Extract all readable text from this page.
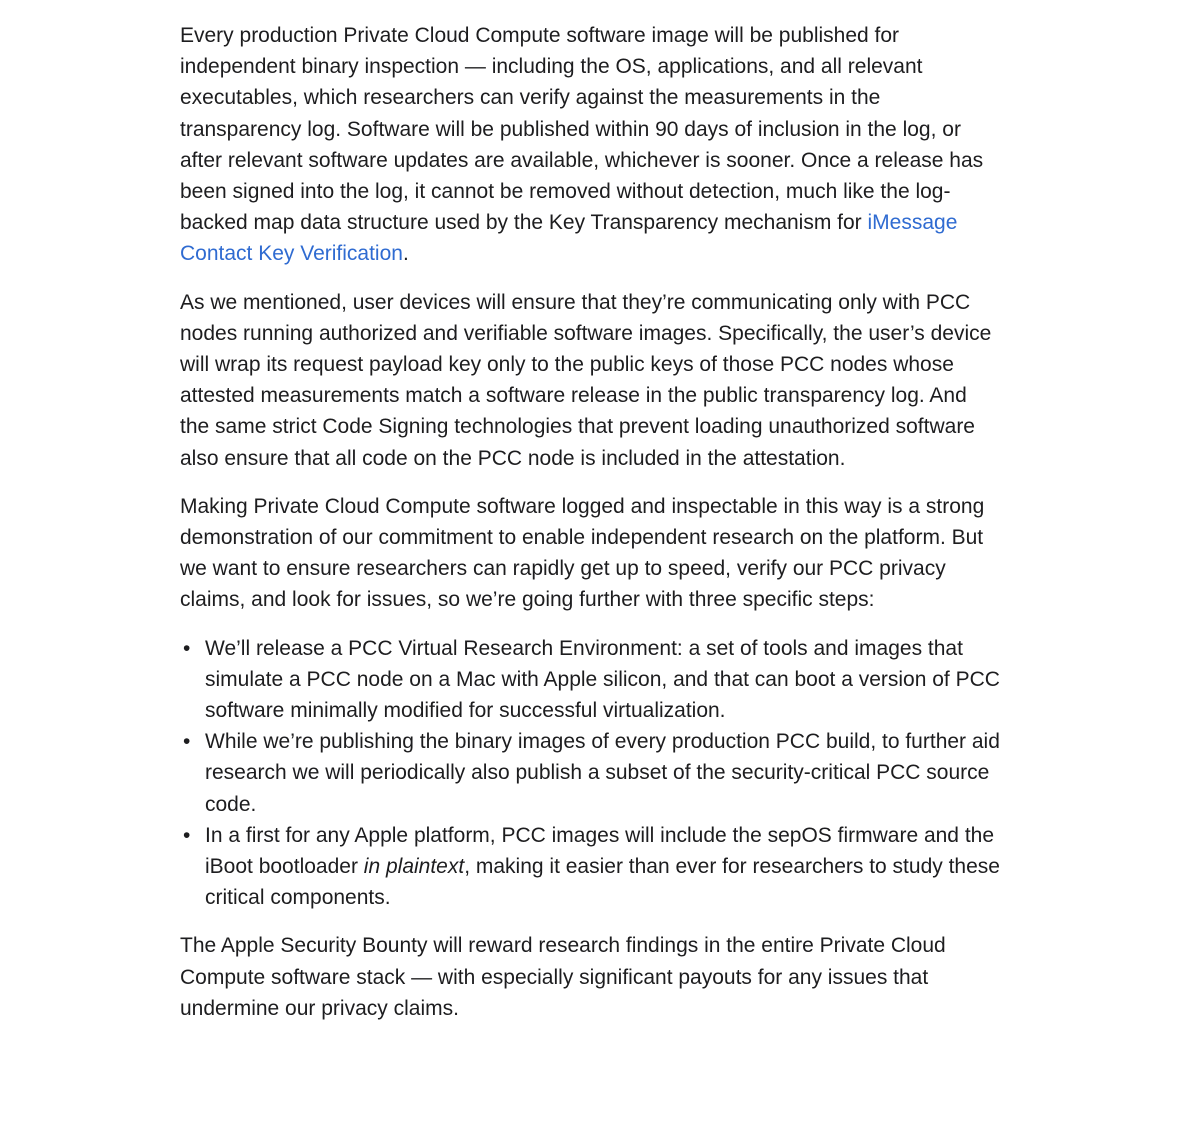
Every production Private Cloud Compute software image will be published for independent binary inspection — including the OS, applications, and all relevant executables, which researchers can verify against the measurements in the transparency log. Software will be published within 90 days of inclusion in the log, or after relevant software updates are available, whichever is sooner. Once a release has been signed into the log, it cannot be removed without detection, much like the log-backed map data structure used by the Key Transparency mechanism for iMessage Contact Key Verification.

As we mentioned, user devices will ensure that they’re communicating only with PCC nodes running authorized and verifiable software images. Specifically, the user’s device will wrap its request payload key only to the public keys of those PCC nodes whose attested measurements match a software release in the public transparency log. And the same strict Code Signing technologies that prevent loading unauthorized software also ensure that all code on the PCC node is included in the attestation.

Making Private Cloud Compute software logged and inspectable in this way is a strong demonstration of our commitment to enable independent research on the platform. But we want to ensure researchers can rapidly get up to speed, verify our PCC privacy claims, and look for issues, so we’re going further with three specific steps:

• We’ll release a PCC Virtual Research Environment: a set of tools and images that simulate a PCC node on a Mac with Apple silicon, and that can boot a version of PCC software minimally modified for successful virtualization.
• While we’re publishing the binary images of every production PCC build, to further aid research we will periodically also publish a subset of the security-critical PCC source code.
• In a first for any Apple platform, PCC images will include the sepOS firmware and the iBoot bootloader in plaintext, making it easier than ever for researchers to study these critical components.

The Apple Security Bounty will reward research findings in the entire Private Cloud Compute software stack — with especially significant payouts for any issues that undermine our privacy claims.
